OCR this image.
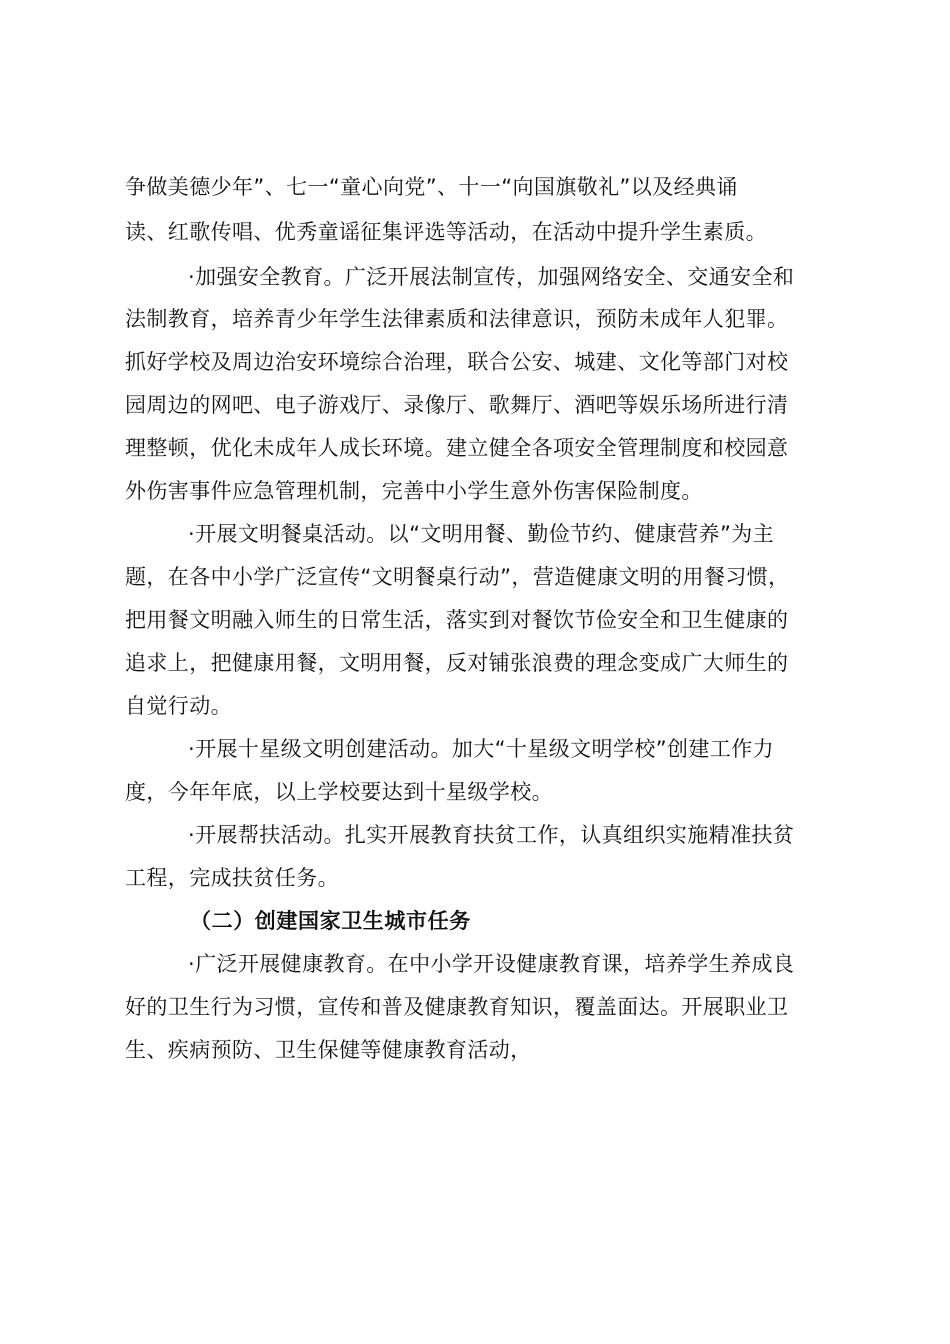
争做美德少年”、七一“童心向党”、十一“向国旗敬礼”以及经典诵
读、红歌传唱、优秀童谣征集评选等活动，在活动中提升学生素质。
·加强安全教育。广泛开展法制宣传，加强网络安全、交通安全和
法制教育，培养青少年学生法律素质和法律意识，预防未成年人犯罪。
抓好学校及周边治安环境综合治理，联合公安、城建、文化等部门对校
园周边的网吧、电子游戏厅、录像厅、歌舞厅、酒吧等娱乐场所进行清
理整顿，优化未成年人成长环境。建立健全各项安全管理制度和校园意
外伤害事件应急管理机制，完善中小学生意外伤害保险制度。
·开展文明餐桌活动。以“文明用餐、勤俭节约、健康营养”为主
题，在各中小学广泛宣传“文明餐桌行动”，营造健康文明的用餐习惯，
把用餐文明融入师生的日常生活，落实到对餐饮节俭安全和卫生健康的
追求上，把健康用餐，文明用餐，反对铺张浪费的理念变成广大师生的
自觉行动。
·开展十星级文明创建活动。加大“十星级文明学校”创建工作力
度，今年年底，以上学校要达到十星级学校。
·开展帮扶活动。扎实开展教育扶贫工作，认真组织实施精准扶贫
工程，完成扶贫任务。
（二）创建国家卫生城市任务
·广泛开展健康教育。在中小学开设健康教育课，培养学生养成良
好的卫生行为习惯，宣传和普及健康教育知识，覆盖面达。开展职业卫
生、疾病预防、卫生保健等健康教育活动，
